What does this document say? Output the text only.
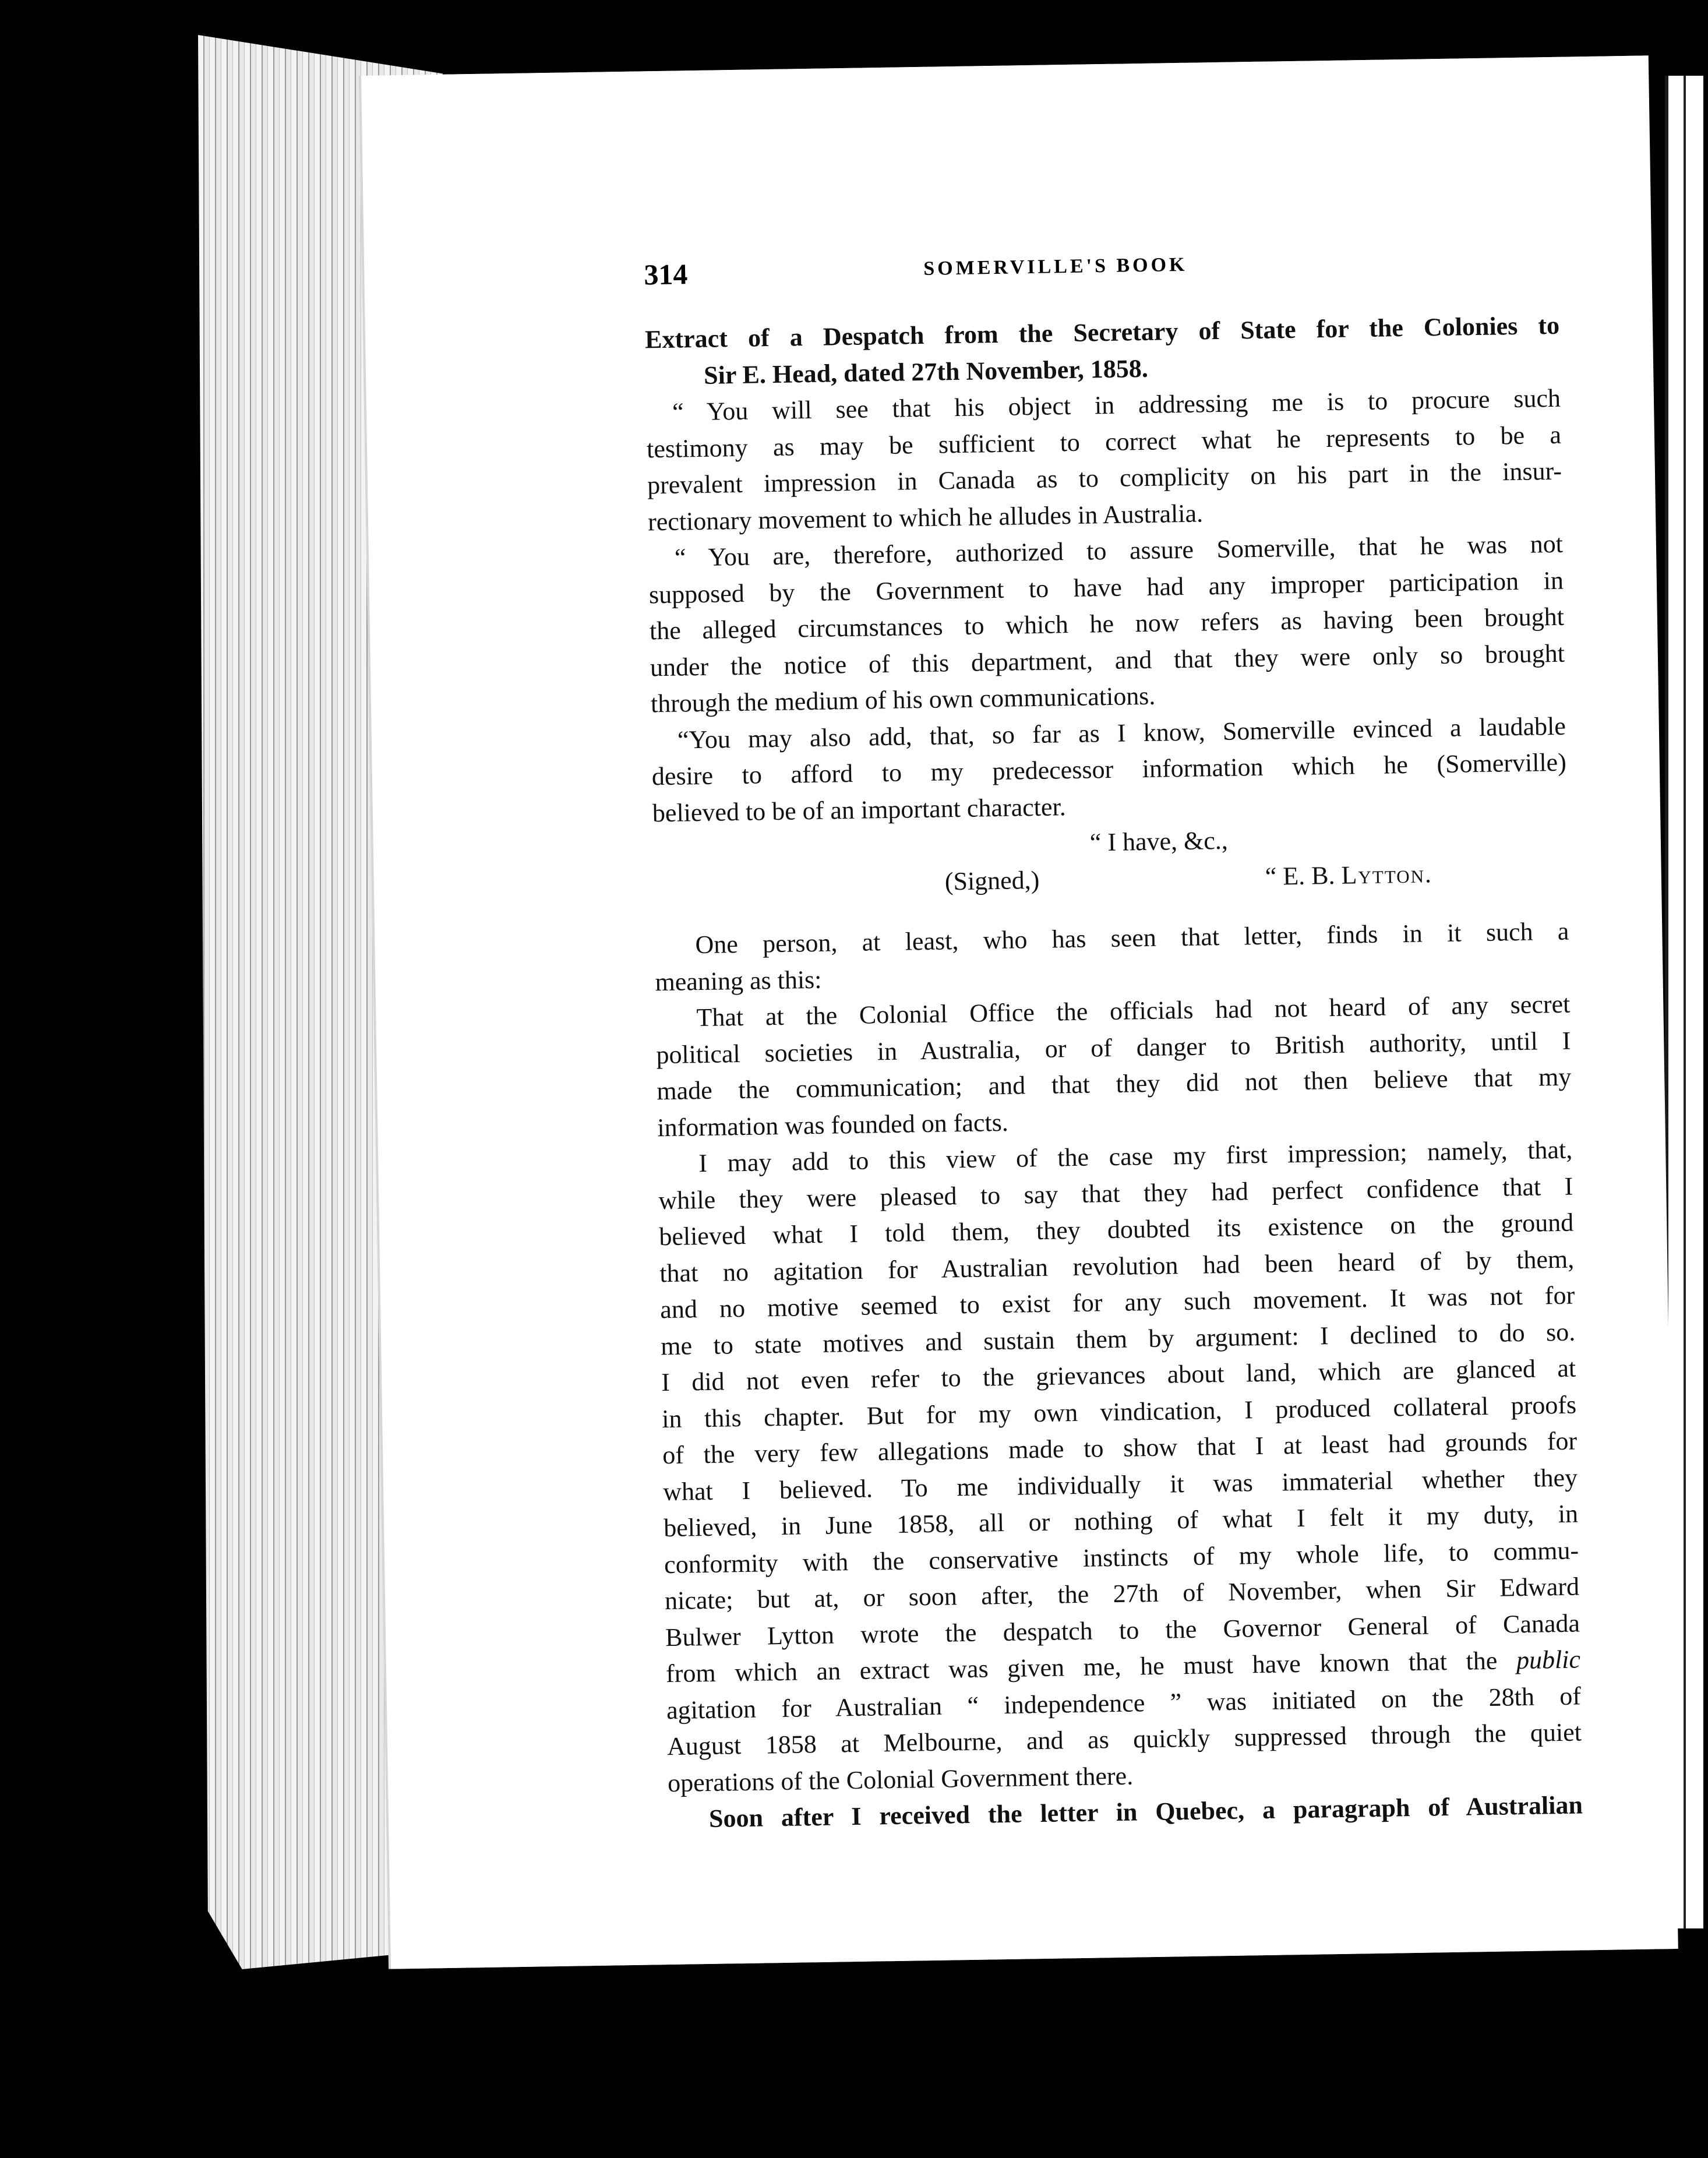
314	SOMERVILLE'S BOOK
Extract of a Despatch from the Secretary of State for the Colonies to
Sir E. Head, dated 27th November, 1858.
“ You will see that his object in addressing me is to procure such
testimony as may be sufficient to correct what he represents to be a
prevalent impression in Canada as to complicity on his part in the insur-
rectionary movement to which he alludes in Australia.
“ You are, therefore, authorized to assure Somerville, that he was not
supposed by the Government to have had any improper participation in
the alleged circumstances to which he now refers as having been brought
under the notice of this department, and that they were only so brought
through the medium of his own communications.
“You may also add, that, so far as I know, Somerville evinced a laudable
desire to afford to my predecessor information which he (Somerville)
believed to be of an important character.
“ I have, &c.,
(Signed,)	“ E. B. Lytton.
One person, at least, who has seen that letter, finds in it such a
meaning as this:
That at the Colonial Office the officials had not heard of any secret
political societies in Australia, or of danger to British authority, until I
made the communication; and that they did not then believe that my
information was founded on facts.
I may add to this view of the case my first impression; namely, that,
while they were pleased to say that they had perfect confidence that I
believed what I told them, they doubted its existence on the ground
that no agitation for Australian revolution had been heard of by them,
and no motive seemed to exist for any such movement. It was not for
me to state motives and sustain them by argument: I declined to do so.
I did not even refer to the grievances about land, which are glanced at
in this chapter. But for my own vindication, I produced collateral proofs
of the very few allegations made to show that I at least had grounds for
what I believed. To me individually it was immaterial whether they
believed, in June 1858, all or nothing of what I felt it my duty, in
conformity with the conservative instincts of my whole life, to commu-
nicate; but at, or soon after, the 27th of November, when Sir Edward
Bulwer Lytton wrote the despatch to the Governor General of Canada
from which an extract was given me, he must have known that the public
agitation for Australian “ independence ” was initiated on the 28th of
August 1858 at Melbourne, and as quickly suppressed through the quiet
operations of the Colonial Government there.
Soon after I received the letter in Quebec, a paragraph of Australian
